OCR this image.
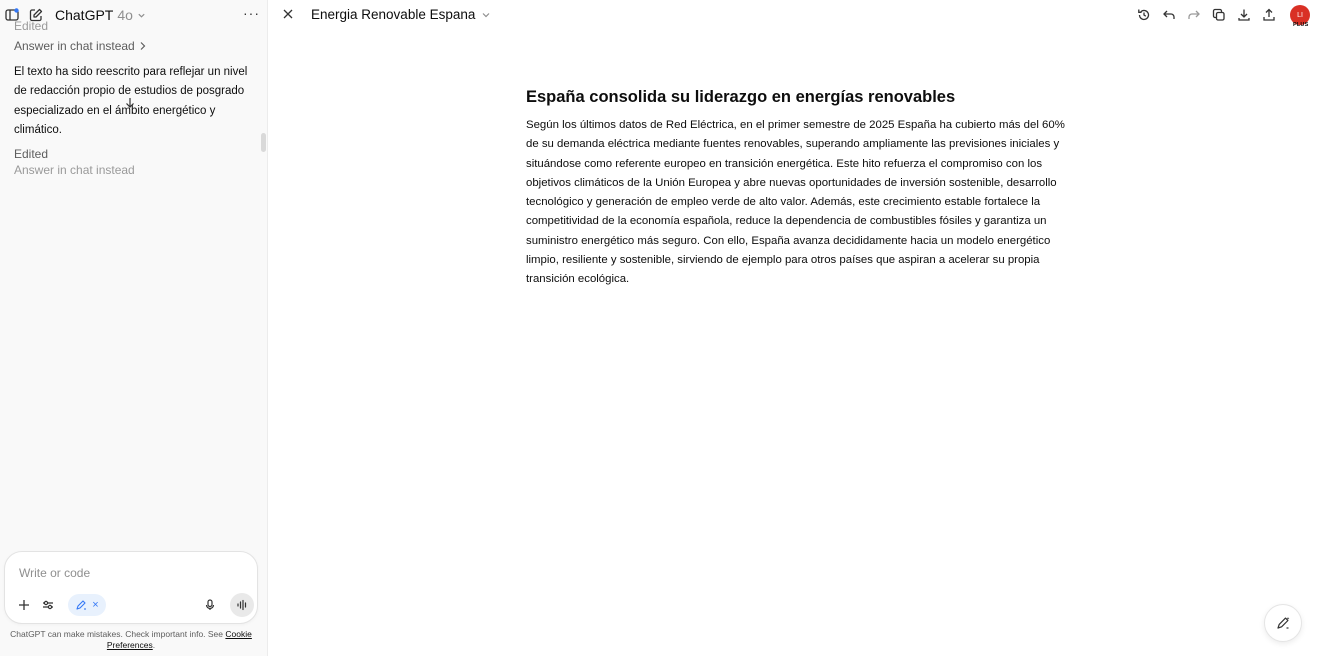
ChatGPT 4o	···
Edited
Answer in chat instead
El texto ha sido reescrito para reflejar un nivel de redacción propio de estudios de posgrado especializado en el ámbito energético y climático.
Edited
Answer in chat instead
Write or code
×
ChatGPT can make mistakes. Check important info. See Cookie Preferences.
Energia Renovable Espana	LI
PLUS
España consolida su liderazgo en energías renovables

Según los últimos datos de Red Eléctrica, en el primer semestre de 2025 España ha cubierto más del 60% de su demanda eléctrica mediante fuentes renovables, superando ampliamente las previsiones iniciales y situándose como referente europeo en transición energética. Este hito refuerza el compromiso con los objetivos climáticos de la Unión Europea y abre nuevas oportunidades de inversión sostenible, desarrollo tecnológico y generación de empleo verde de alto valor. Además, este crecimiento estable fortalece la competitividad de la economía española, reduce la dependencia de combustibles fósiles y garantiza un suministro energético más seguro. Con ello, España avanza decididamente hacia un modelo energético limpio, resiliente y sostenible, sirviendo de ejemplo para otros países que aspiran a acelerar su propia transición ecológica.
